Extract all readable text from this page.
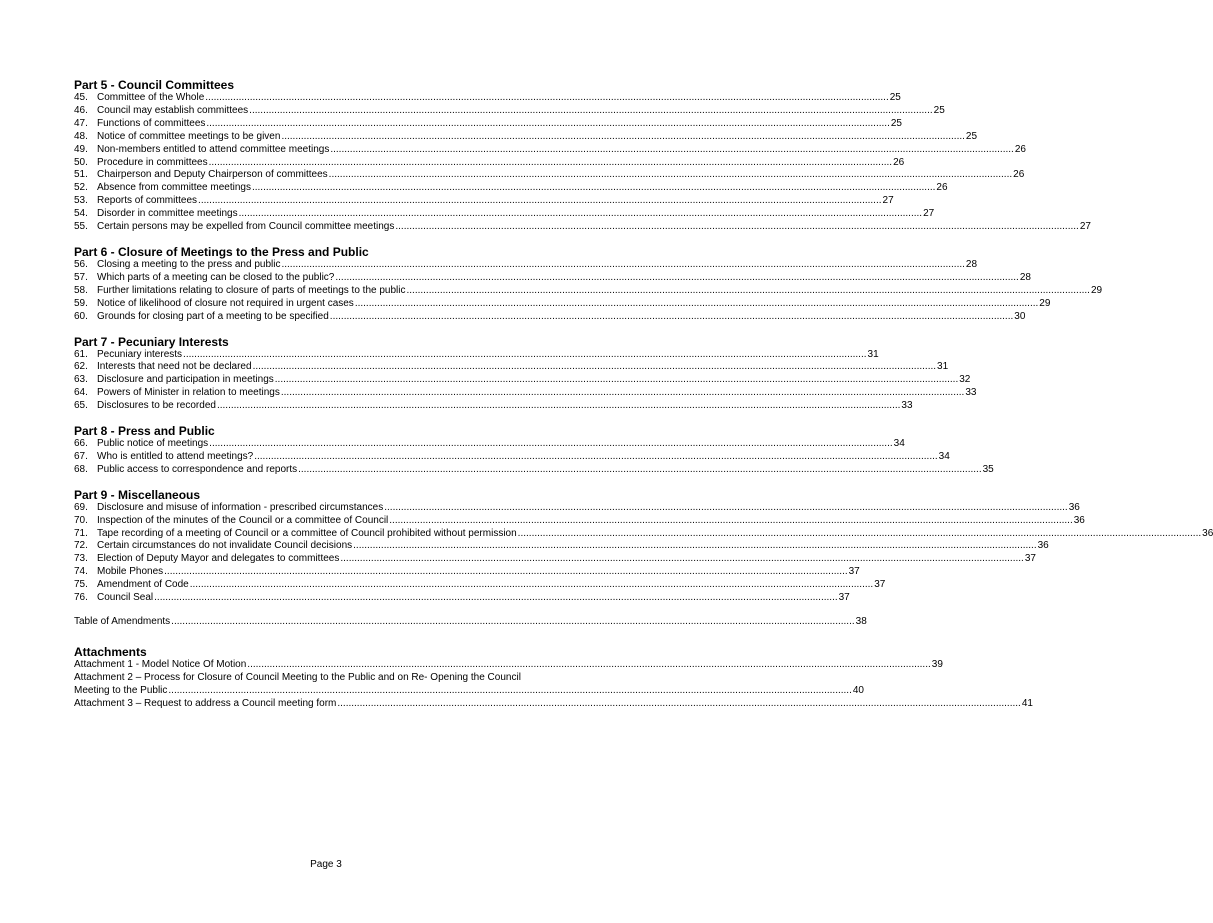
Part 5 - Council Committees

45. Committee of the Whole .....	25
46. Council may establish committees .....	25
47. Functions of committees .....	25
48. Notice of committee meetings to be given .....	25
49. Non-members entitled to attend committee meetings .....	26
50. Procedure in committees .....	26
51. Chairperson and Deputy Chairperson of committees .....	26
52. Absence from committee meetings .....	26
53. Reports of committees .....	27
54. Disorder in committee meetings .....	27
55. Certain persons may be expelled from Council committee meetings .....	27

Part 6 - Closure of Meetings to the Press and Public

56. Closing a meeting to the press and public .....	28
57. Which parts of a meeting can be closed to the public? .....	28
58. Further limitations relating to closure of parts of meetings to the public .....	29
59. Notice of likelihood of closure not required in urgent cases .....	29
60. Grounds for closing part of a meeting to be specified .....	30

Part 7 - Pecuniary Interests

61. Pecuniary interests .....	31
62. Interests that need not be declared .....	31
63. Disclosure and participation in meetings .....	32
64. Powers of Minister in relation to meetings .....	33
65. Disclosures to be recorded .....	33

Part 8 - Press and Public

66. Public notice of meetings .....	34
67. Who is entitled to attend meetings? .....	34
68. Public access to correspondence and reports .....	35

Part 9 - Miscellaneous

69. Disclosure and misuse of information - prescribed circumstances .....	36
70. Inspection of the minutes of the Council or a committee of Council .....	36
71. Tape recording of a meeting of Council or a committee of Council prohibited without permission .....	36
72. Certain circumstances do not invalidate Council decisions .....	36
73. Election of Deputy Mayor and delegates to committees .....	37
74. Mobile Phones .....	37
75. Amendment of Code .....	37
76. Council Seal .....	37
Table of Amendments .....	38

Attachments

Attachment 1 - Model Notice Of Motion .....	39
Attachment 2 – Process for Closure of Council Meeting to the Public and on Re- Opening the Council
Meeting to the Public .....	40
Attachment 3 – Request to address a Council meeting form .....	41
Page 3
